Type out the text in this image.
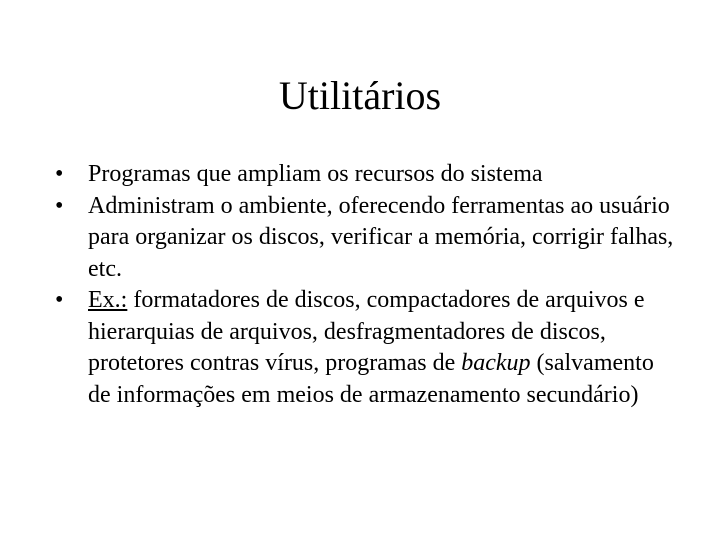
Utilitários
•	Programas que ampliam os recursos do sistema
•	Administram o ambiente, oferecendo ferramentas ao usuário para organizar os discos, verificar a memória, corrigir falhas, etc.
•	Ex.: formatadores de discos, compactadores de arquivos e hierarquias de arquivos, desfragmentadores de discos, protetores contras vírus, programas de backup (salvamento de informações em meios de armazenamento secundário)
